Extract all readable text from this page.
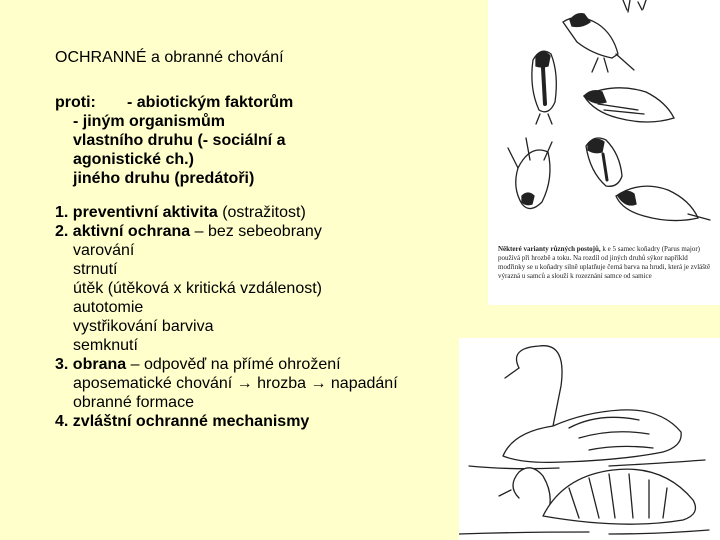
OCHRANNÉ a obranné chování
proti: - abiotickým faktorům
- jiným organismům
vlastního druhu (- sociální a
agonistické ch.)
jiného druhu (predátoři)
1. preventivní aktivita (ostražitost)
2. aktivní ochrana – bez sebeobrany
varování
strnutí
útěk (útěková x kritická vzdálenost)
autotomie
vystřikování barviva
semknutí
3. obrana – odpověď na přímé ohrožení
aposematické chování → hrozba → napadání
obranné formace
4. zvláštní ochranné mechanismy
Některé varianty různých postojů, k e 5 samec koňadry (Parus major) používá při hrozbě a toku. Na rozdíl od jiných druhů sýkor napříkld modřinky se u koňadry silně uplatňuje černá barva na hrudi, která je zvláště výrazná u samců a slouží k rozeznání samce od samice
